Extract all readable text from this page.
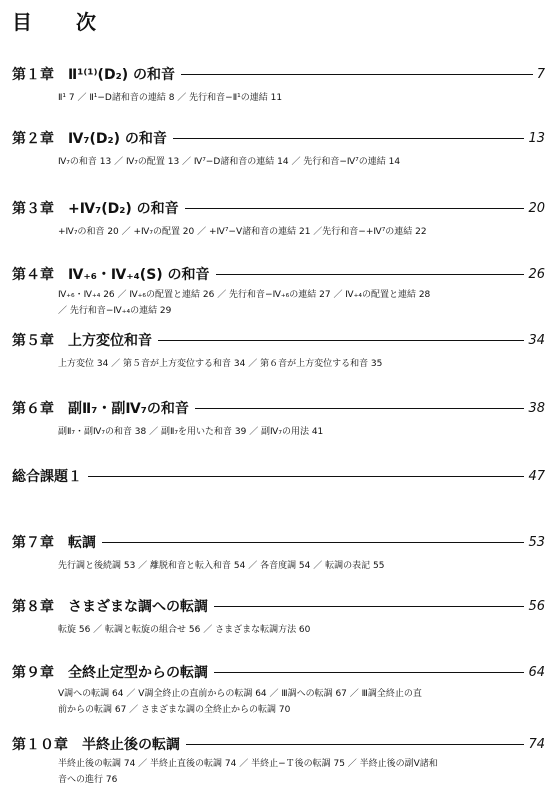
目　次
第１章　Ⅱ¹⁽¹⁾(D₂) の和音	7
Ⅱ¹ 7 ／ Ⅱ¹−D諸和音の連結 8 ／ 先行和音−Ⅱ¹の連結 11
第２章　Ⅳ₇(D₂) の和音	13
Ⅳ₇の和音 13 ／ Ⅳ₇の配置 13 ／ Ⅳ⁷−D諸和音の連結 14 ／ 先行和音−Ⅳ⁷の連結 14
第３章　+Ⅳ₇(D₂) の和音	20
+Ⅳ₇の和音 20 ／ +Ⅳ₇の配置 20 ／ +Ⅳ⁷−Ⅴ諸和音の連結 21 ／先行和音−+Ⅳ⁷の連結 22
第４章　Ⅳ₊₆・Ⅳ₊₄(S) の和音	26
Ⅳ₊₆・Ⅳ₊₄ 26 ／ Ⅳ₊₆の配置と連結 26 ／ 先行和音−Ⅳ₊₆の連結 27 ／ Ⅳ₊₄の配置と連結 28
／ 先行和音−Ⅳ₊₄の連結 29
第５章　上方変位和音	34
上方変位 34 ／ 第５音が上方変位する和音 34 ／ 第６音が上方変位する和音 35
第６章　副Ⅱ₇・副Ⅳ₇の和音	38
副Ⅱ₇・副Ⅳ₇の和音 38 ／ 副Ⅱ₇を用いた和音 39 ／ 副Ⅳ₇の用法 41
総合課題１	47
第７章　転調	53
先行調と後続調 53 ／ 離脱和音と転入和音 54 ／ 各音度調 54 ／ 転調の表記 55
第８章　さまざまな調への転調	56
転旋 56 ／ 転調と転旋の組合せ 56 ／ さまざまな転調方法 60
第９章　全終止定型からの転調	64
Ⅴ調への転調 64 ／ Ⅴ調全終止の直前からの転調 64 ／ Ⅲ調への転調 67 ／ Ⅲ調全終止の直
前からの転調 67 ／ さまざまな調の全終止からの転調 70
第１０章　半終止後の転調	74
半終止後の転調 74 ／ 半終止直後の転調 74 ／ 半終止−Ｔ後の転調 75 ／ 半終止後の副Ⅴ諸和
音への進行 76
